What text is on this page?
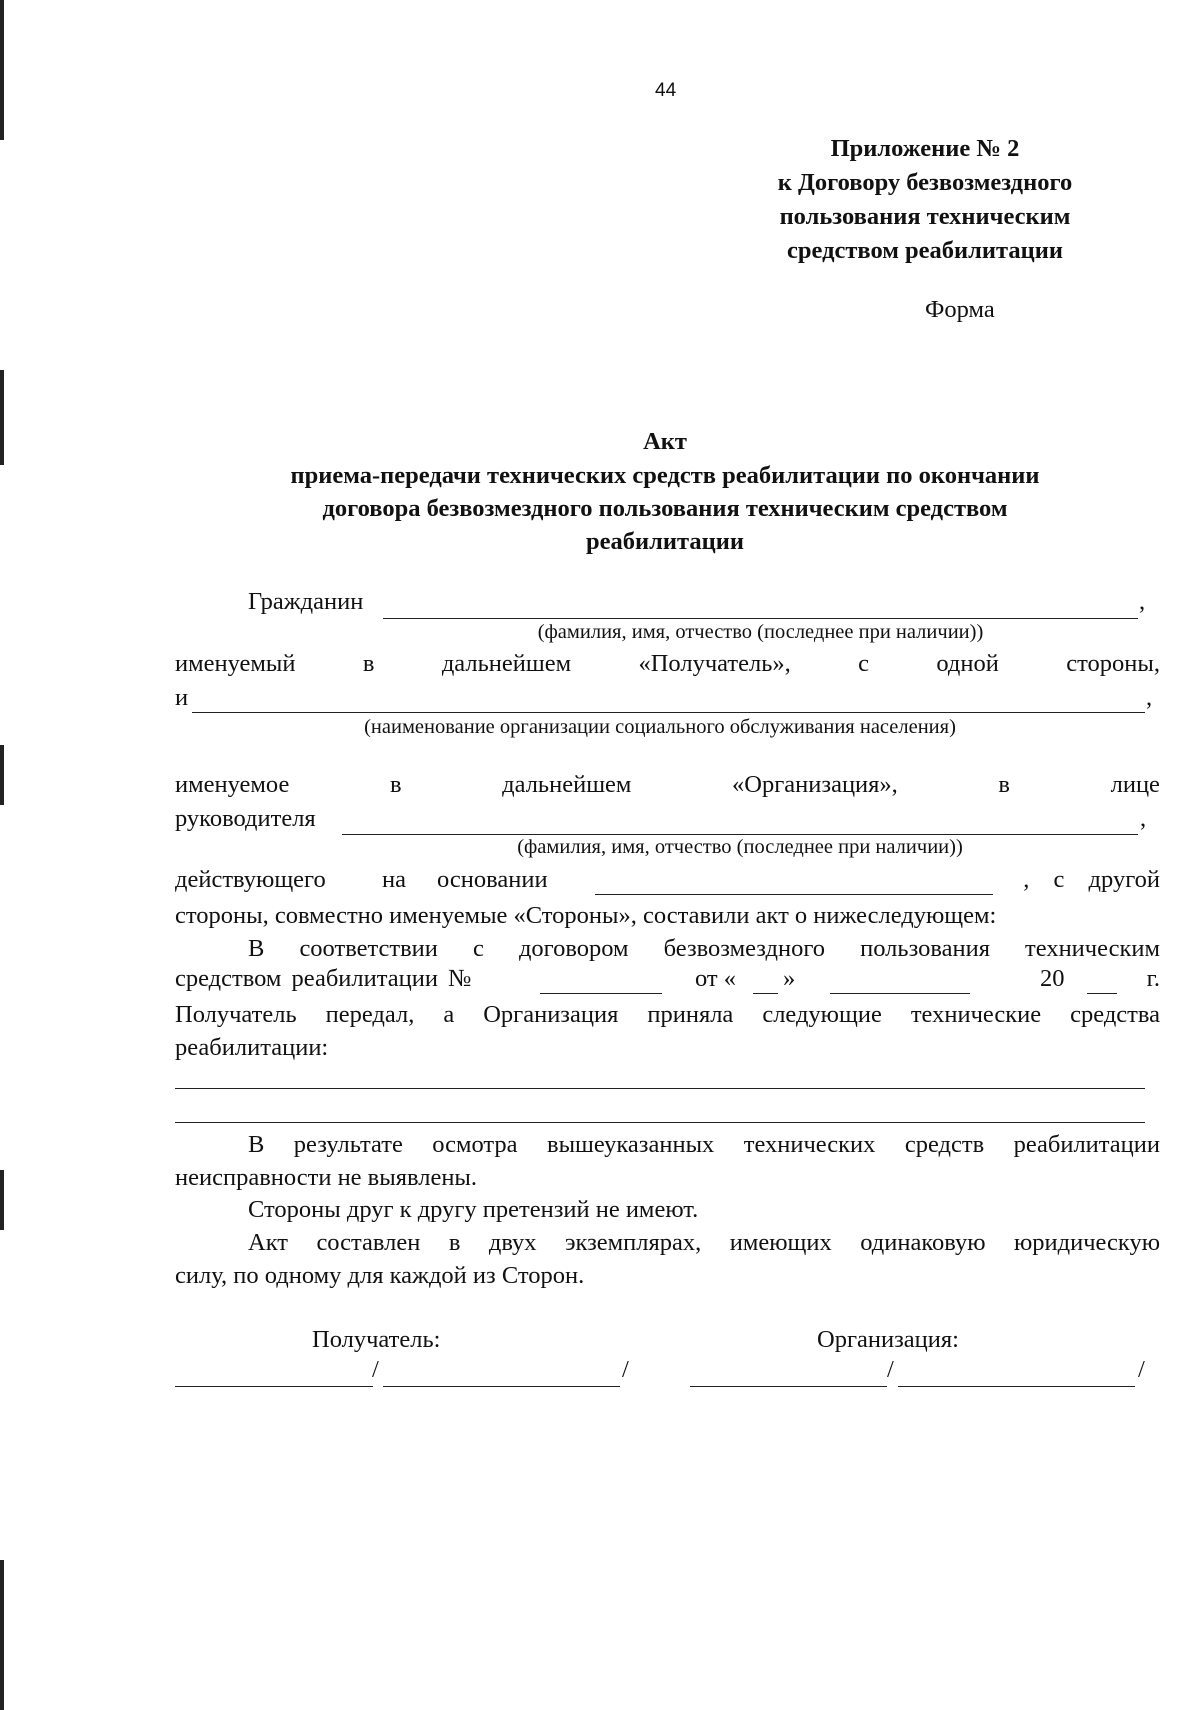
44
Приложение № 2
к Договору безвозмездного
пользования техническим
средством реабилитации
Форма
Акт
приема-передачи технических средств реабилитации по окончании
договора безвозмездного пользования техническим средством
реабилитации
Гражданин	,
(фамилия, имя, отчество (последнее при наличии))
именуемый	в	дальнейшем	«Получатель»,	с	одной	стороны,
и	,
(наименование организации социального обслуживания населения)
именуемое	в	дальнейшем	«Организация»,	в	лице
руководителя	,
(фамилия, имя, отчество (последнее при наличии))
действующего на основании	, с другой
стороны, совместно именуемые «Стороны», составили акт о нижеследующем:
В соответствии с договором безвозмездного пользования техническим
средством реабилитации №	от « »	20	г.
Получатель передал, а Организация приняла следующие технические средства
реабилитации:
В результате осмотра вышеуказанных технических средств реабилитации
неисправности не выявлены.
Стороны друг к другу претензий не имеют.
Акт составлен в двух экземплярах, имеющих одинаковую юридическую
силу, по одному для каждой из Сторон.
Получатель:	Организация:
/	/	/	/
